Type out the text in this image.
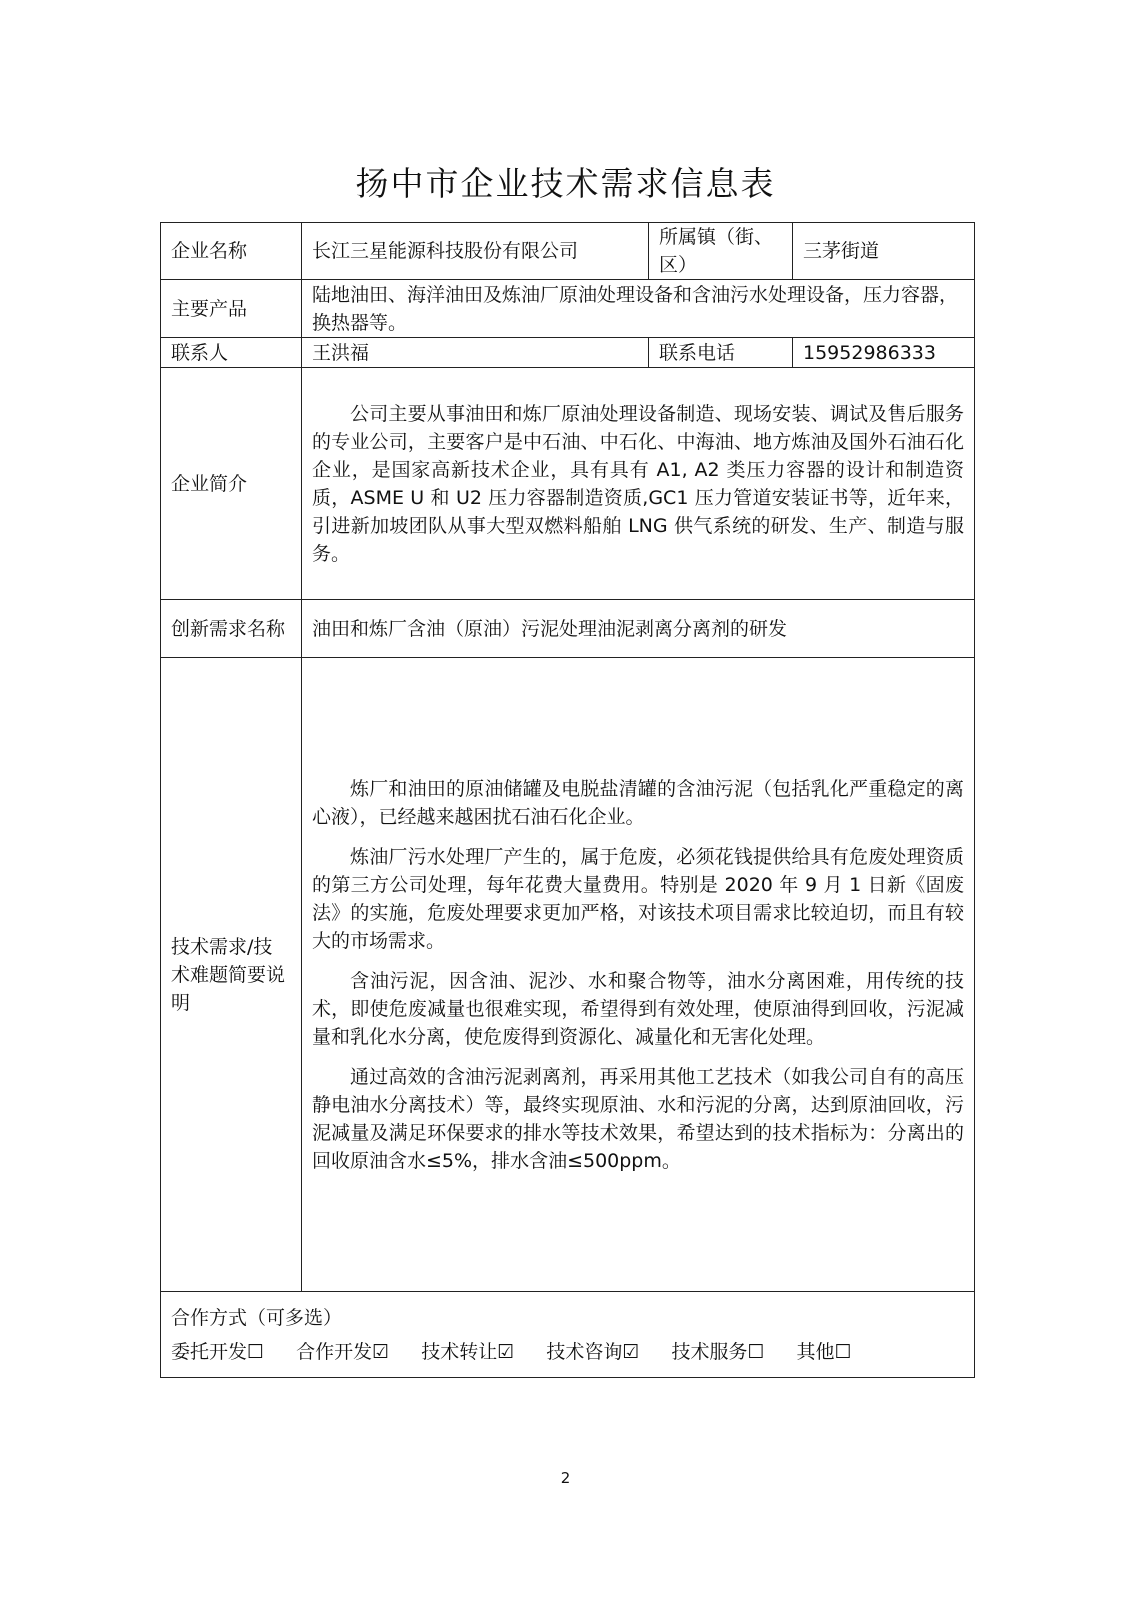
扬中市企业技术需求信息表
企业名称	长江三星能源科技股份有限公司	所属镇（街、区）	三茅街道
主要产品	陆地油田、海洋油田及炼油厂原油处理设备和含油污水处理设备，压力容器，换热器等。		
联系人	王洪福	联系电话	15952986333
企业简介	公司主要从事油田和炼厂原油处理设备制造、现场安装、调试及售后服务的专业公司，主要客户是中石油、中石化、中海油、地方炼油及国外石油石化企业，是国家高新技术企业，具有具有 A1, A2 类压力容器的设计和制造资质，ASME U 和 U2 压力容器制造资质,GC1 压力管道安装证书等，近年来，引进新加坡团队从事大型双燃料船舶 LNG 供气系统的研发、生产、制造与服务。		

创新需求名称	油田和炼厂含油（原油）污泥处理油泥剥离分离剂的研发		
技术需求/技术难题简要说明	炼厂和油田的原油储罐及电脱盐清罐的含油污泥（包括乳化严重稳定的离心液），已经越来越困扰石油石化企业。

炼油厂污水处理厂产生的，属于危废，必须花钱提供给具有危废处理资质的第三方公司处理，每年花费大量费用。特别是 2020 年 9 月 1 日新《固废法》的实施，危废处理要求更加严格，对该技术项目需求比较迫切，而且有较大的市场需求。

含油污泥，因含油、泥沙、水和聚合物等，油水分离困难，用传统的技术，即使危废减量也很难实现，希望得到有效处理，使原油得到回收，污泥减量和乳化水分离，使危废得到资源化、减量化和无害化处理。

通过高效的含油污泥剥离剂，再采用其他工艺技术（如我公司自有的高压静电油水分离技术）等，最终实现原油、水和污泥的分离，达到原油回收，污泥减量及满足环保要求的排水等技术效果，希望达到的技术指标为：分离出的回收原油含水≤5%，排水含油≤500ppm。		

合作方式（可多选）
委托开发☐ 合作开发☑ 技术转让☑ 技术咨询☑ 技术服务☐ 其他☐			
2
